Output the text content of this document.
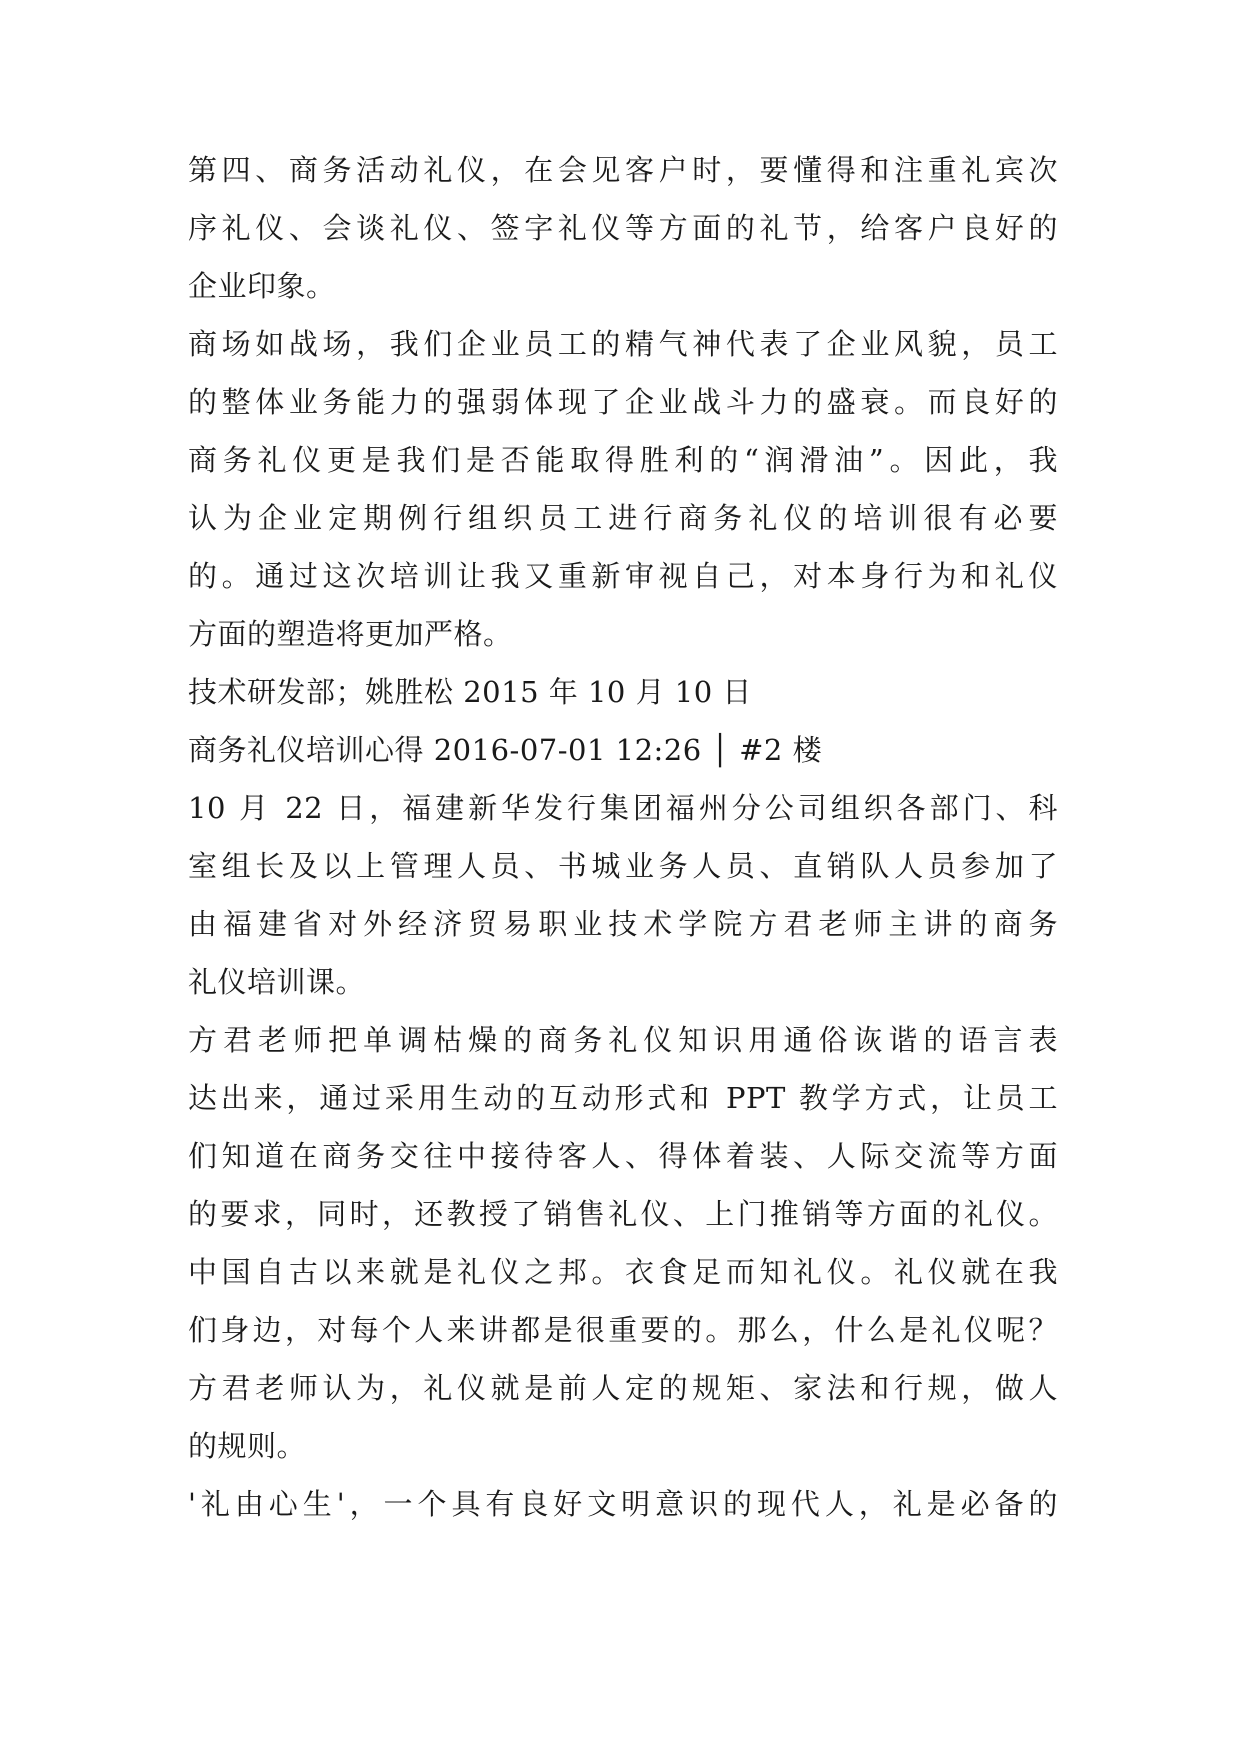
第四、商务活动礼仪，在会见客户时，要懂得和注重礼宾次
序礼仪、会谈礼仪、签字礼仪等方面的礼节，给客户良好的
企业印象。
商场如战场，我们企业员工的精气神代表了企业风貌，员工
的整体业务能力的强弱体现了企业战斗力的盛衰。而良好的
商务礼仪更是我们是否能取得胜利的“润滑油”。因此，我
认为企业定期例行组织员工进行商务礼仪的培训很有必要
的。通过这次培训让我又重新审视自己，对本身行为和礼仪
方面的塑造将更加严格。
技术研发部；姚胜松 2015 年 10 月 10 日
商务礼仪培训心得 2016-07-01 12:26 │ #2 楼
10 月 22 日，福建新华发行集团福州分公司组织各部门、科
室组长及以上管理人员、书城业务人员、直销队人员参加了
由福建省对外经济贸易职业技术学院方君老师主讲的商务
礼仪培训课。
方君老师把单调枯燥的商务礼仪知识用通俗诙谐的语言表
达出来，通过采用生动的互动形式和 PPT 教学方式，让员工
们知道在商务交往中接待客人、得体着装、人际交流等方面
的要求，同时，还教授了销售礼仪、上门推销等方面的礼仪。
中国自古以来就是礼仪之邦。衣食足而知礼仪。礼仪就在我
们身边，对每个人来讲都是很重要的。那么，什么是礼仪呢？
方君老师认为，礼仪就是前人定的规矩、家法和行规，做人
的规则。
'礼由心生'，一个具有良好文明意识的现代人，礼是必备的
